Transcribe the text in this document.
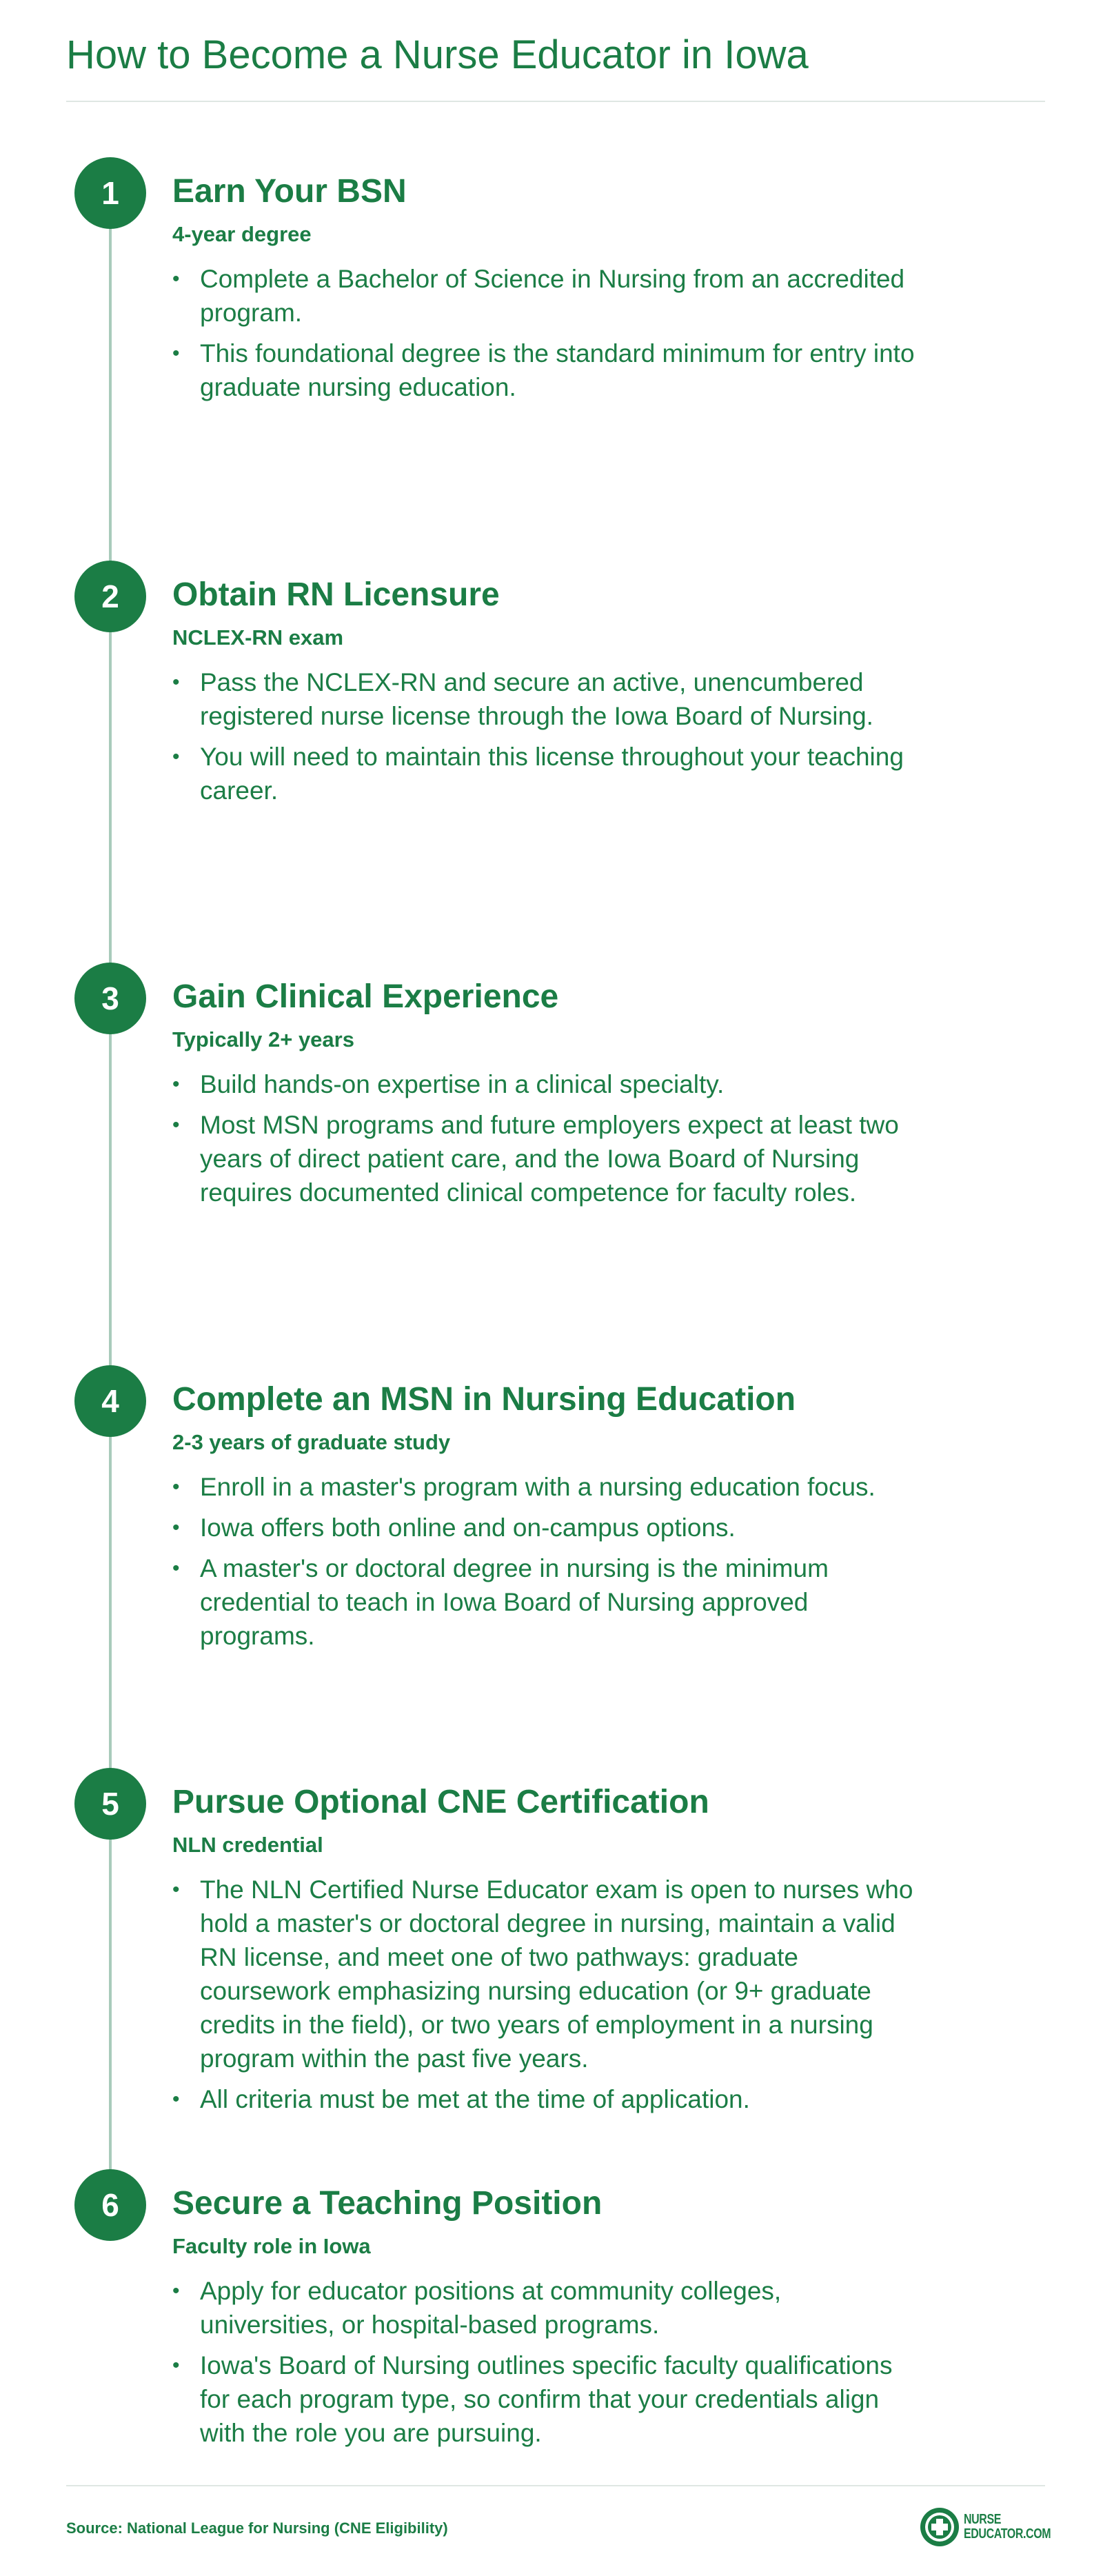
How to Become a Nurse Educator in Iowa
1	Earn Your BSN
4-year degree
• Complete a Bachelor of Science in Nursing from an accredited program.
• This foundational degree is the standard minimum for entry into graduate nursing education.
2	Obtain RN Licensure
NCLEX-RN exam
• Pass the NCLEX-RN and secure an active, unencumbered registered nurse license through the Iowa Board of Nursing.
• You will need to maintain this license throughout your teaching career.
3	Gain Clinical Experience
Typically 2+ years
• Build hands-on expertise in a clinical specialty.
• Most MSN programs and future employers expect at least two years of direct patient care, and the Iowa Board of Nursing requires documented clinical competence for faculty roles.
4	Complete an MSN in Nursing Education
2-3 years of graduate study
• Enroll in a master's program with a nursing education focus.
• Iowa offers both online and on-campus options.
• A master's or doctoral degree in nursing is the minimum credential to teach in Iowa Board of Nursing approved programs.
5	Pursue Optional CNE Certification
NLN credential
• The NLN Certified Nurse Educator exam is open to nurses who hold a master's or doctoral degree in nursing, maintain a valid RN license, and meet one of two pathways: graduate coursework emphasizing nursing education (or 9+ graduate credits in the field), or two years of employment in a nursing program within the past five years.
• All criteria must be met at the time of application.
6	Secure a Teaching Position
Faculty role in Iowa
• Apply for educator positions at community colleges, universities, or hospital-based programs.
• Iowa's Board of Nursing outlines specific faculty qualifications for each program type, so confirm that your credentials align with the role you are pursuing.
Source: National League for Nursing (CNE Eligibility)	NURSE
EDUCATOR.COM
